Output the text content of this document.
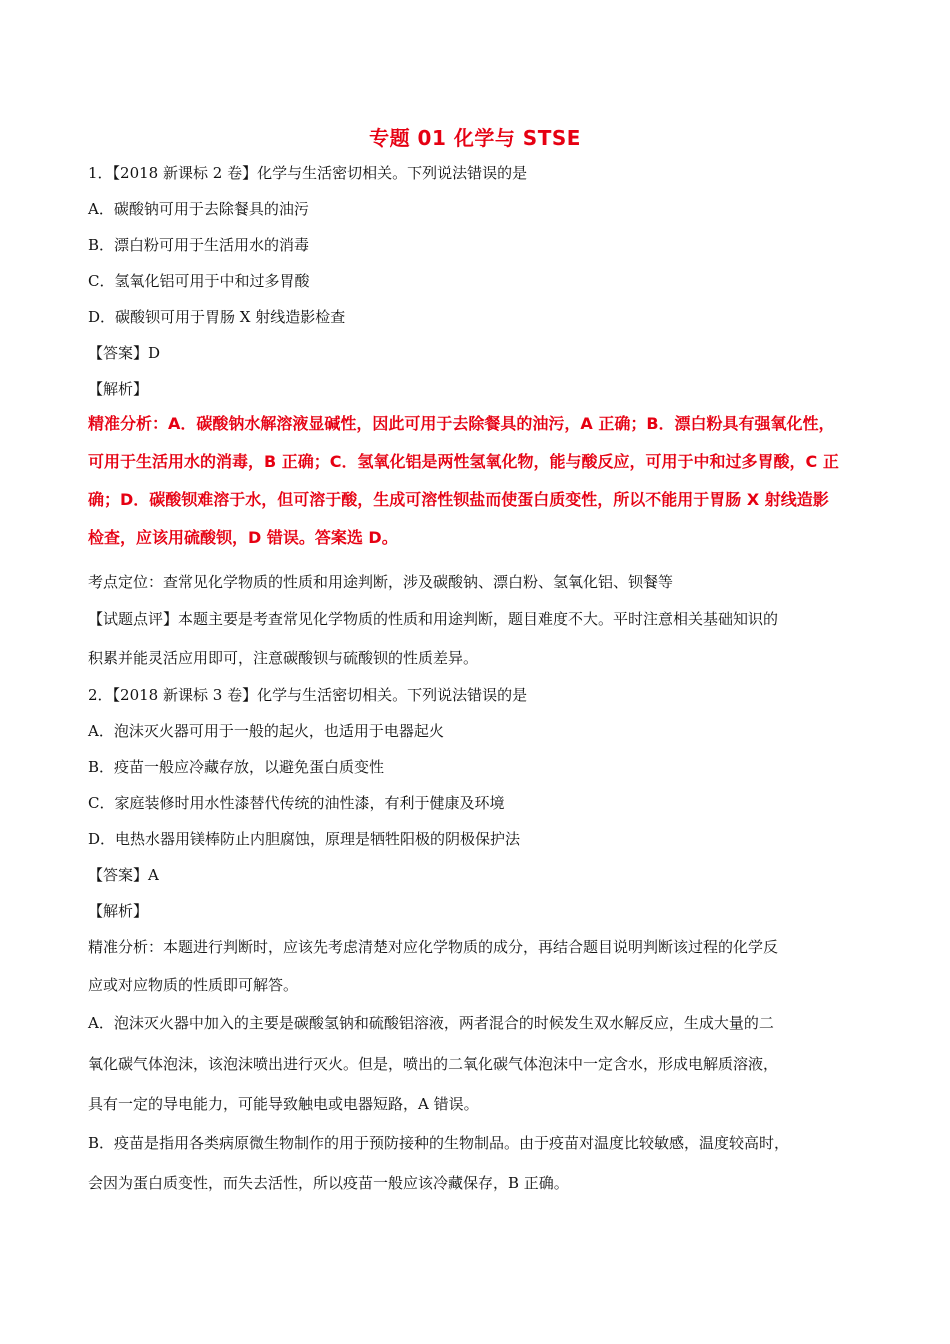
专题 01 化学与 STSE
1．【2018 新课标 2 卷】化学与生活密切相关。下列说法错误的是
A．碳酸钠可用于去除餐具的油污
B．漂白粉可用于生活用水的消毒
C．氢氧化铝可用于中和过多胃酸
D．碳酸钡可用于胃肠 X 射线造影检查
【答案】D
【解析】
精准分析：A．碳酸钠水解溶液显碱性，因此可用于去除餐具的油污，A 正确；B．漂白粉具有强氧化性，
可用于生活用水的消毒，B 正确；C．氢氧化铝是两性氢氧化物，能与酸反应，可用于中和过多胃酸，C 正
确；D．碳酸钡难溶于水，但可溶于酸，生成可溶性钡盐而使蛋白质变性，所以不能用于胃肠 X 射线造影
检查，应该用硫酸钡，D 错误。答案选 D。
考点定位：查常见化学物质的性质和用途判断，涉及碳酸钠、漂白粉、氢氧化铝、钡餐等
【试题点评】本题主要是考查常见化学物质的性质和用途判断，题目难度不大。平时注意相关基础知识的
积累并能灵活应用即可，注意碳酸钡与硫酸钡的性质差异。
2．【2018 新课标 3 卷】化学与生活密切相关。下列说法错误的是
A．泡沫灭火器可用于一般的起火，也适用于电器起火
B．疫苗一般应冷藏存放，以避免蛋白质变性
C．家庭装修时用水性漆替代传统的油性漆，有利于健康及环境
D．电热水器用镁棒防止内胆腐蚀，原理是牺牲阳极的阴极保护法
【答案】A
【解析】
精准分析：本题进行判断时，应该先考虑清楚对应化学物质的成分，再结合题目说明判断该过程的化学反
应或对应物质的性质即可解答。
A．泡沫灭火器中加入的主要是碳酸氢钠和硫酸铝溶液，两者混合的时候发生双水解反应，生成大量的二
氧化碳气体泡沫，该泡沫喷出进行灭火。但是，喷出的二氧化碳气体泡沫中一定含水，形成电解质溶液，
具有一定的导电能力，可能导致触电或电器短路，A 错误。
B．疫苗是指用各类病原微生物制作的用于预防接种的生物制品。由于疫苗对温度比较敏感，温度较高时，
会因为蛋白质变性，而失去活性，所以疫苗一般应该冷藏保存，B 正确。
